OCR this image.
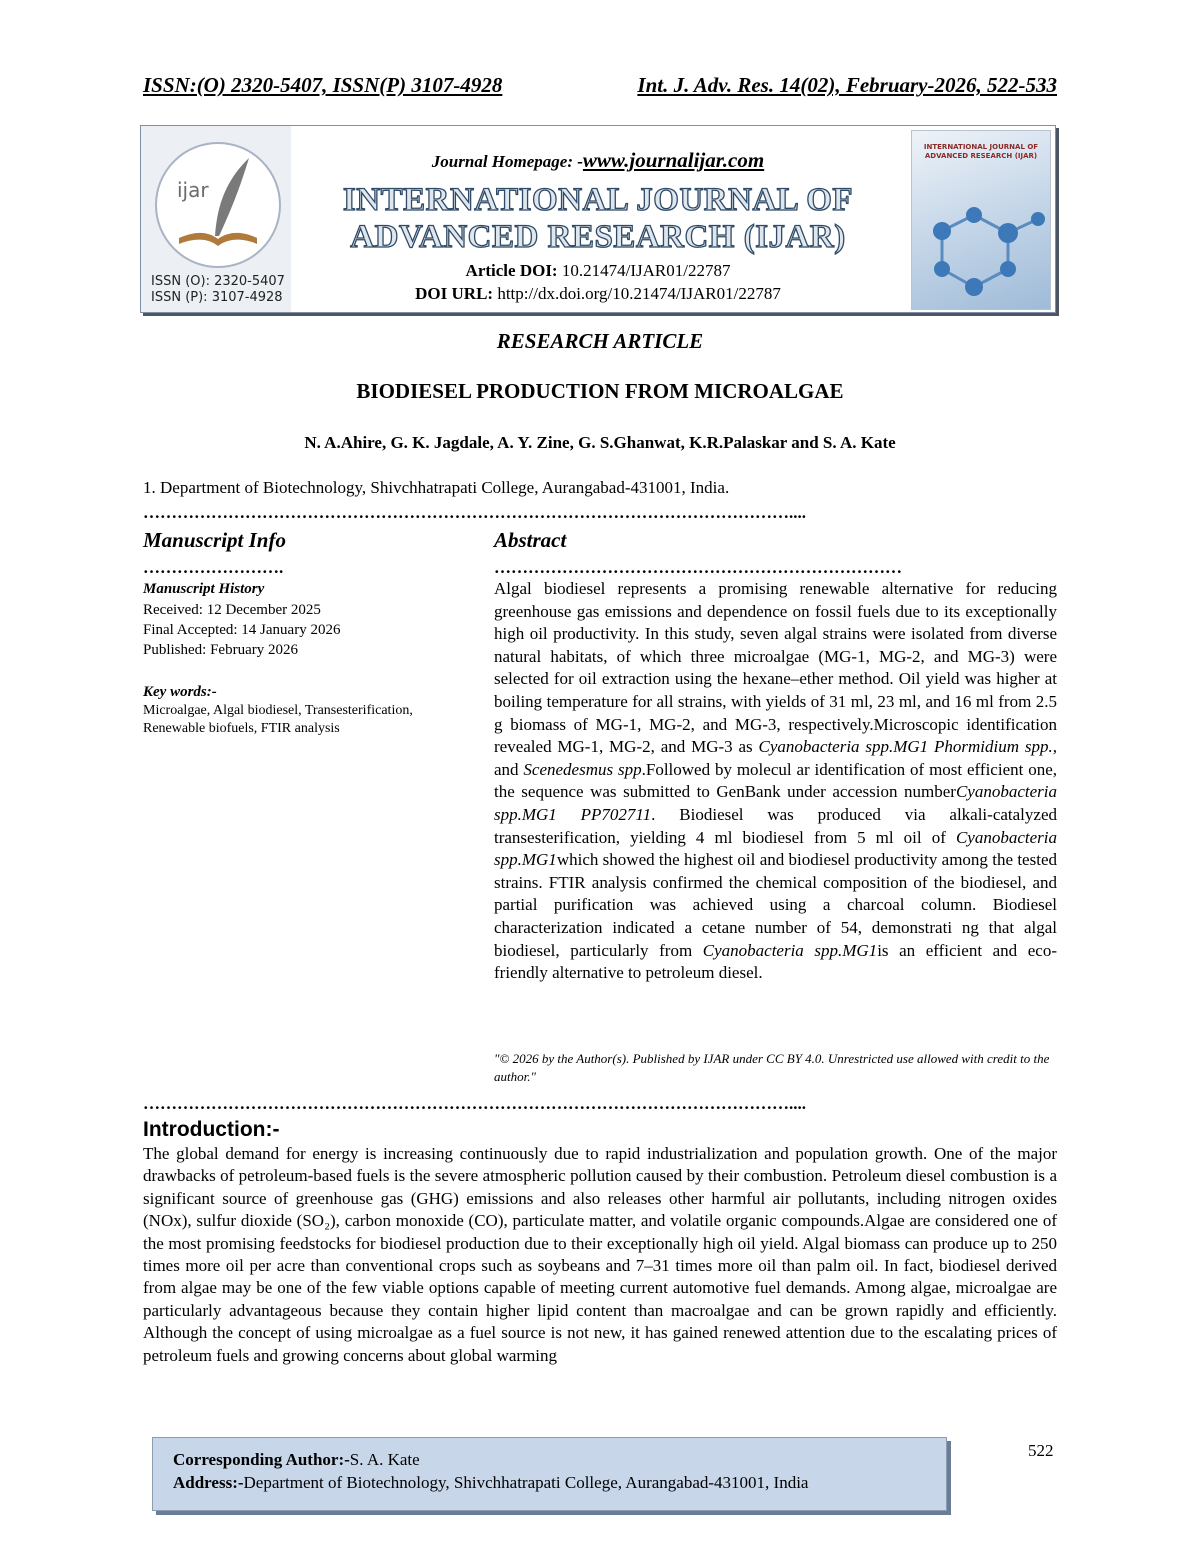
ISSN:(O) 2320-5407, ISSN(P) 3107-4928	Int. J. Adv. Res. 14(02), February-2026, 522-533
ijar
ISSN (O): 2320-5407
ISSN (P): 3107-4928
Journal Homepage: -www.journalijar.com
INTERNATIONAL JOURNAL OF
ADVANCED RESEARCH (IJAR)
Article DOI: 10.21474/IJAR01/22787
DOI URL: http://dx.doi.org/10.21474/IJAR01/22787
INTERNATIONAL JOURNAL OF ADVANCED RESEARCH (IJAR)
RESEARCH ARTICLE
BIODIESEL PRODUCTION FROM MICROALGAE
N. A.Ahire, G. K. Jagdale, A. Y. Zine, G. S.Ghanwat, K.R.Palaskar and S. A. Kate
1. Department of Biotechnology, Shivchhatrapati College, Aurangabad-431001, India.
……………………………………………………………………………………………………....
Manuscript Info	Abstract
…………………….	………………………………………………………………
Manuscript History
Received: 12 December 2025
Final Accepted: 14 January 2026
Published: February 2026
Key words:-
Microalgae, Algal biodiesel, Transesterification, Renewable biofuels, FTIR analysis
Algal biodiesel represents a promising renewable alternative for reducing greenhouse gas emissions and dependence on fossil fuels due to its exceptionally high oil productivity. In this study, seven algal strains were isolated from diverse natural habitats, of which three microalgae (MG-1, MG-2, and MG-3) were selected for oil extraction using the hexane–ether method. Oil yield was higher at boiling temperature for all strains, with yields of 31 ml, 23 ml, and 16 ml from 2.5 g biomass of MG-1, MG-2, and MG-3, respectively.Microscopic identification revealed MG-1, MG-2, and MG-3 as Cyanobacteria spp.MG1 Phormidium spp., and Scenedesmus spp.Followed by molecul ar identification of most efficient one, the sequence was submitted to GenBank under accession numberCyanobacteria spp.MG1 PP702711. Biodiesel was produced via alkali-catalyzed transesterification, yielding 4 ml biodiesel from 5 ml oil of Cyanobacteria spp.MG1which showed the highest oil and biodiesel productivity among the tested strains. FTIR analysis confirmed the chemical composition of the biodiesel, and partial purification was achieved using a charcoal column. Biodiesel characterization indicated a cetane number of 54, demonstrati ng that algal biodiesel, particularly from Cyanobacteria spp.MG1is an efficient and eco-friendly alternative to petroleum diesel.
"© 2026 by the Author(s). Published by IJAR under CC BY 4.0. Unrestricted use allowed with credit to the author."
……………………………………………………………………………………………………....
Introduction:-
The global demand for energy is increasing continuously due to rapid industrialization and population growth. One of the major drawbacks of petroleum-based fuels is the severe atmospheric pollution caused by their combustion. Petroleum diesel combustion is a significant source of greenhouse gas (GHG) emissions and also releases other harmful air pollutants, including nitrogen oxides (NOx), sulfur dioxide (SO₂), carbon monoxide (CO), particulate matter, and volatile organic compounds.Algae are considered one of the most promising feedstocks for biodiesel production due to their exceptionally high oil yield. Algal biomass can produce up to 250 times more oil per acre than conventional crops such as soybeans and 7–31 times more oil than palm oil. In fact, biodiesel derived from algae may be one of the few viable options capable of meeting current automotive fuel demands. Among algae, microalgae are particularly advantageous because they contain higher lipid content than macroalgae and can be grown rapidly and efficiently. Although the concept of using microalgae as a fuel source is not new, it has gained renewed attention due to the escalating prices of petroleum fuels and growing concerns about global warming
Corresponding Author:-S. A. Kate
Address:-Department of Biotechnology, Shivchhatrapati College, Aurangabad-431001, India
522
